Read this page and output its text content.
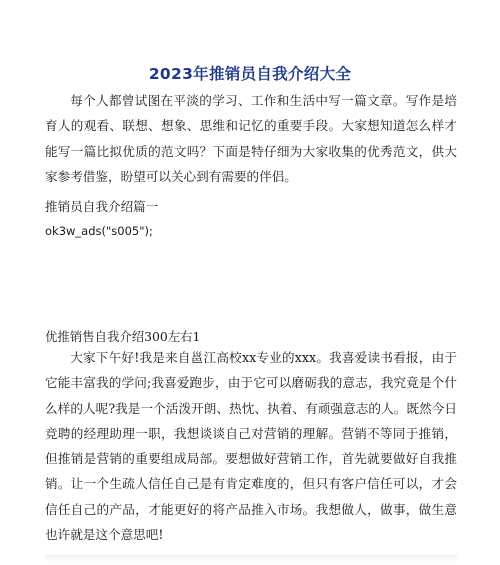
2023年推销员自我介绍大全

每个人都曾试图在平淡的学习、工作和生活中写一篇文章。写作是培育人的观看、联想、想象、思维和记忆的重要手段。大家想知道怎么样才能写一篇比拟优质的范文吗？下面是特仔细为大家收集的优秀范文，供大家参考借鉴，盼望可以关心到有需要的伴侣。

推销员自我介绍篇一

ok3w_ads("s005");

优推销售自我介绍300左右1

大家下午好!我是来自邕江高校xx专业的xxx。我喜爱读书看报，由于它能丰富我的学问;我喜爱跑步，由于它可以磨砺我的意志，我究竟是个什么样的人呢?我是一个活泼开朗、热忱、执着、有顽强意志的人。既然今日竞聘的经理助理一职，我想谈谈自己对营销的理解。营销不等同于推销，但推销是营销的重要组成局部。要想做好营销工作，首先就要做好自我推销。让一个生疏人信任自己是有肯定难度的，但只有客户信任可以，才会信任自己的产品，才能更好的将产品推入市场。我想做人，做事，做生意也许就是这个意思吧!
